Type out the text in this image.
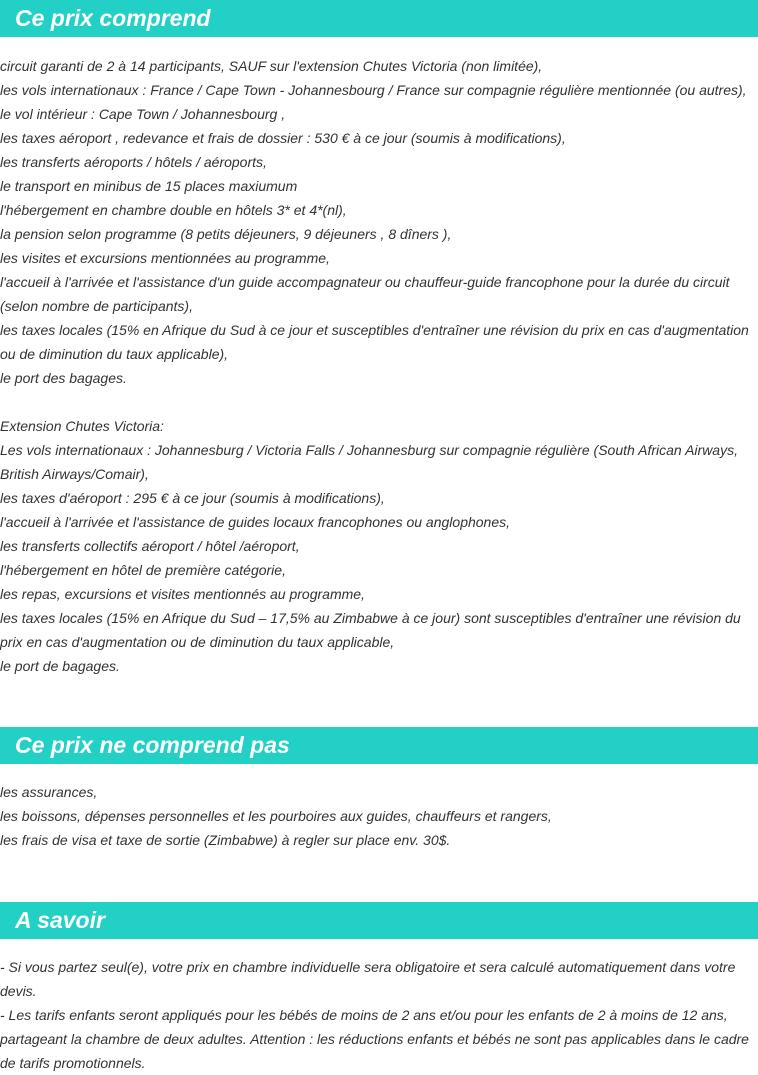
Ce prix comprend
circuit garanti de 2 à 14 participants, SAUF sur l'extension Chutes Victoria (non limitée),
les vols internationaux : France / Cape Town - Johannesbourg / France sur compagnie régulière mentionnée (ou autres),
le vol intérieur : Cape Town / Johannesbourg ,
les taxes aéroport , redevance et frais de dossier : 530 € à ce jour (soumis à modifications),
les transferts aéroports / hôtels / aéroports,
le transport en minibus de 15 places maxiumum
l'hébergement en chambre double en hôtels 3* et 4*(nl),
la pension selon programme (8 petits déjeuners, 9 déjeuners , 8 dîners ),
les visites et excursions mentionnées au programme,
l'accueil à l'arrivée et l'assistance d'un guide accompagnateur ou chauffeur-guide francophone pour la durée du circuit (selon nombre de participants),
les taxes locales (15% en Afrique du Sud à ce jour et susceptibles d'entraîner une révision du prix en cas d'augmentation ou de diminution du taux applicable),
le port des bagages.
Extension Chutes Victoria:
Les vols internationaux : Johannesburg / Victoria Falls / Johannesburg sur compagnie régulière (South African Airways, British Airways/Comair),
les taxes d'aéroport : 295 € à ce jour (soumis à modifications),
l'accueil à l'arrivée et l'assistance de guides locaux francophones ou anglophones,
les transferts collectifs aéroport / hôtel /aéroport,
l'hébergement en hôtel de première catégorie,
les repas, excursions et visites mentionnés au programme,
les taxes locales (15% en Afrique du Sud – 17,5% au Zimbabwe à ce jour) sont susceptibles d'entraîner une révision du prix en cas d'augmentation ou de diminution du taux applicable,
le port de bagages.
Ce prix ne comprend pas
les assurances,
les boissons, dépenses personnelles et les pourboires aux guides, chauffeurs et rangers,
les frais de visa et taxe de sortie (Zimbabwe) à regler sur place env. 30$.
A savoir
- Si vous partez seul(e), votre prix en chambre individuelle sera obligatoire et sera calculé automatiquement dans votre devis.
- Les tarifs enfants seront appliqués pour les bébés de moins de 2 ans et/ou pour les enfants de 2 à moins de 12 ans, partageant la chambre de deux adultes. Attention : les réductions enfants et bébés ne sont pas applicables dans le cadre de tarifs promotionnels.
